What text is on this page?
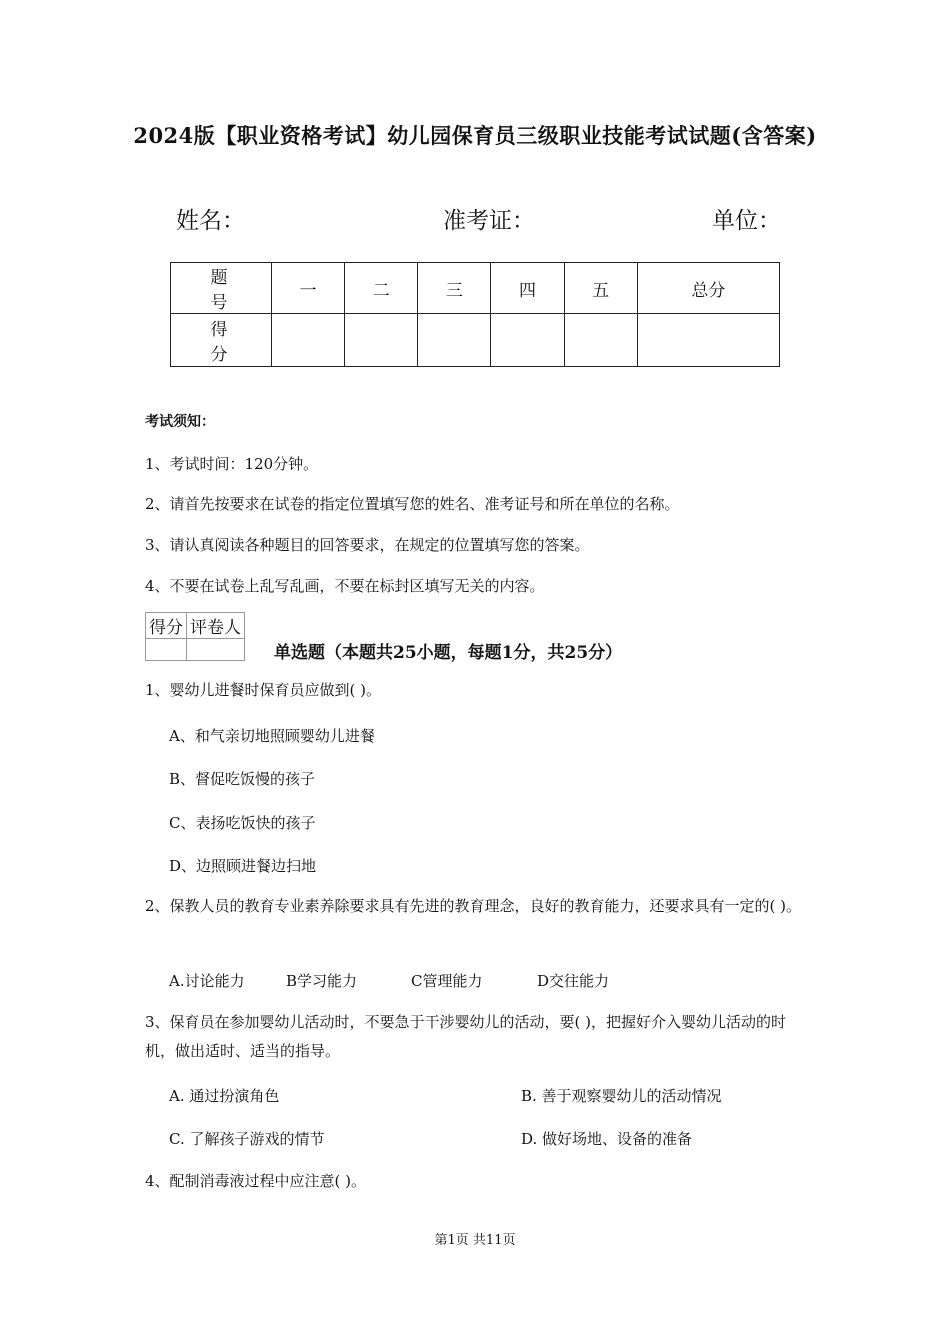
2024版【职业资格考试】幼儿园保育员三级职业技能考试试题(含答案)
姓名：	准考证：	单位：
题 号	一	二	三	四	五	总分
得 分						
考试须知：
1、考试时间：120分钟。
2、请首先按要求在试卷的指定位置填写您的姓名、准考证号和所在单位的名称。
3、请认真阅读各种题目的回答要求，在规定的位置填写您的答案。
4、不要在试卷上乱写乱画，不要在标封区填写无关的内容。
得分	评卷人

单选题（本题共25小题，每题1分，共25分）
1、婴幼儿进餐时保育员应做到( )。
A、和气亲切地照顾婴幼儿进餐
B、督促吃饭慢的孩子
C、表扬吃饭快的孩子
D、边照顾进餐边扫地
2、保教人员的教育专业素养除要求具有先进的教育理念，良好的教育能力，还要求具有一定的( )。
A.讨论能力	B学习能力	C管理能力	D交往能力
3、保育员在参加婴幼儿活动时，不要急于干涉婴幼儿的活动，要( )，把握好介入婴幼儿活动的时机，做出适时、适当的指导。
A. 通过扮演角色	B. 善于观察婴幼儿的活动情况
C. 了解孩子游戏的情节	D. 做好场地、设备的准备
4、配制消毒液过程中应注意( )。
第1页 共11页
